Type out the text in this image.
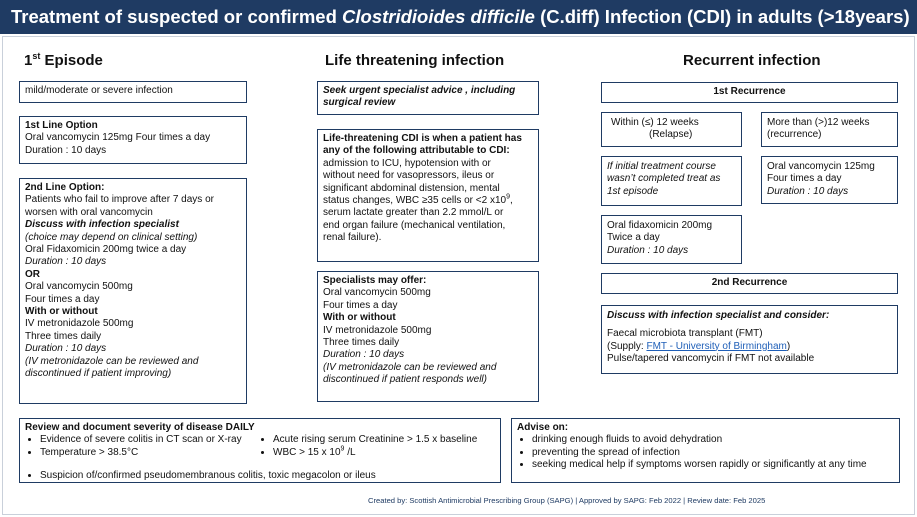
Treatment of suspected or confirmed Clostridioides difficile (C.diff) Infection (CDI) in adults (>18years)
1st Episode	Life threatening infection	Recurrent infection
mild/moderate or severe infection
1st Line Option
Oral vancomycin 125mg Four times a day
Duration : 10 days
2nd Line Option:
Patients who fail to improve after 7 days or
worsen with oral vancomycin
Discuss with infection specialist
(choice may depend on clinical setting)
Oral Fidaxomicin 200mg twice a day
Duration : 10 days
OR
Oral vancomycin 500mg
Four times a day
With or without
IV metronidazole 500mg
Three times daily
Duration : 10 days
(IV metronidazole can be reviewed and
discontinued if patient improving)
Seek urgent specialist advice , including
surgical review
Life-threatening CDI is when a patient has
any of the following attributable to CDI:
admission to ICU, hypotension with or
without need for vasopressors, ileus or
significant abdominal distension, mental
status changes, WBC ≥35 cells or <2 $x10^9$,
serum lactate greater than 2.2 mmol/L or
end organ failure (mechanical ventilation,
renal failure).
Specialists may offer:
Oral vancomycin 500mg
Four times a day
With or without
IV metronidazole 500mg
Three times daily
Duration : 10 days
(IV metronidazole can be reviewed and
discontinued if patient responds well)
1st Recurrence
Within (≤) 12 weeks
(Relapse)
More than (>)12 weeks
(recurrence)
If initial treatment course
wasn’t completed treat as
1st episode
Oral vancomycin 125mg
Four times a day
Duration : 10 days
Oral fidaxomicin 200mg
Twice a day
Duration : 10 days
2nd Recurrence
Discuss with infection specialist and consider:
Faecal microbiota transplant (FMT)
(Supply: FMT - University of Birmingham)
Pulse/tapered vancomycin if FMT not available
Review and document severity of disease DAILY
• Evidence of severe colitis in CT scan or X-ray
• Temperature > 38.5°C
• Acute rising serum Creatinine > 1.5 x baseline
• WBC > 15 x $10^9$ /L
• Suspicion of/confirmed pseudomembranous colitis, toxic megacolon or ileus
Advise on:
• drinking enough fluids to avoid dehydration
• preventing the spread of infection
• seeking medical help if symptoms worsen rapidly or significantly at any time
Created by: Scottish Antimicrobial Prescribing Group (SAPG) | Approved by SAPG: Feb 2022 | Review date: Feb 2025
